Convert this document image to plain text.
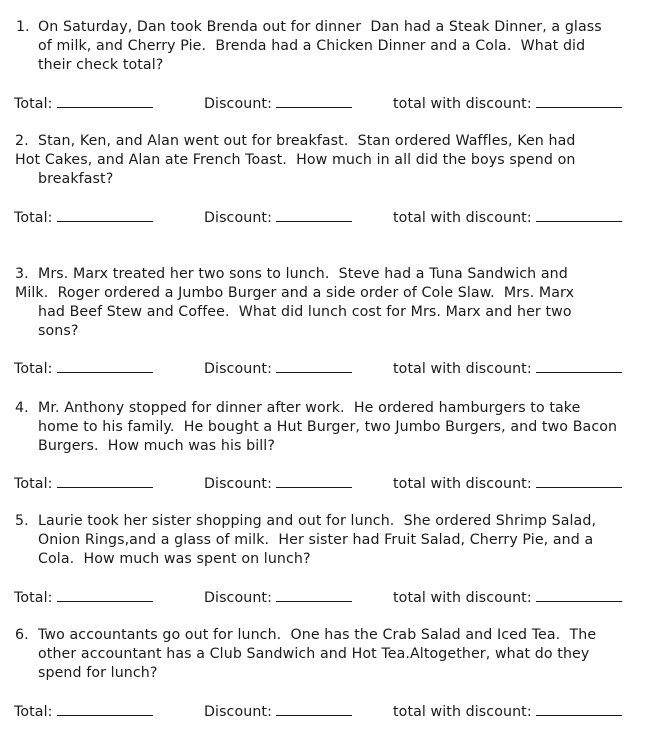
1. On Saturday, Dan took Brenda out for dinner  Dan had a Steak Dinner, a glass
of milk, and Cherry Pie.  Brenda had a Chicken Dinner and a Cola.  What did
their check total?
Total:	Discount:	total with discount:
2. Stan, Ken, and Alan went out for breakfast.  Stan ordered Waffles, Ken had
Hot Cakes, and Alan ate French Toast.  How much in all did the boys spend on
breakfast?
Total:	Discount:	total with discount:
3. Mrs. Marx treated her two sons to lunch.  Steve had a Tuna Sandwich and
Milk.  Roger ordered a Jumbo Burger and a side order of Cole Slaw.  Mrs. Marx
had Beef Stew and Coffee.  What did lunch cost for Mrs. Marx and her two
sons?
Total:	Discount:	total with discount:
4. Mr. Anthony stopped for dinner after work.  He ordered hamburgers to take
home to his family.  He bought a Hut Burger, two Jumbo Burgers, and two Bacon
Burgers.  How much was his bill?
Total:	Discount:	total with discount:
5. Laurie took her sister shopping and out for lunch.  She ordered Shrimp Salad,
Onion Rings,and a glass of milk.  Her sister had Fruit Salad, Cherry Pie, and a
Cola.  How much was spent on lunch?
Total:	Discount:	total with discount:
6. Two accountants go out for lunch.  One has the Crab Salad and Iced Tea.  The
other accountant has a Club Sandwich and Hot Tea.Altogether, what do they
spend for lunch?
Total:	Discount:	total with discount:
